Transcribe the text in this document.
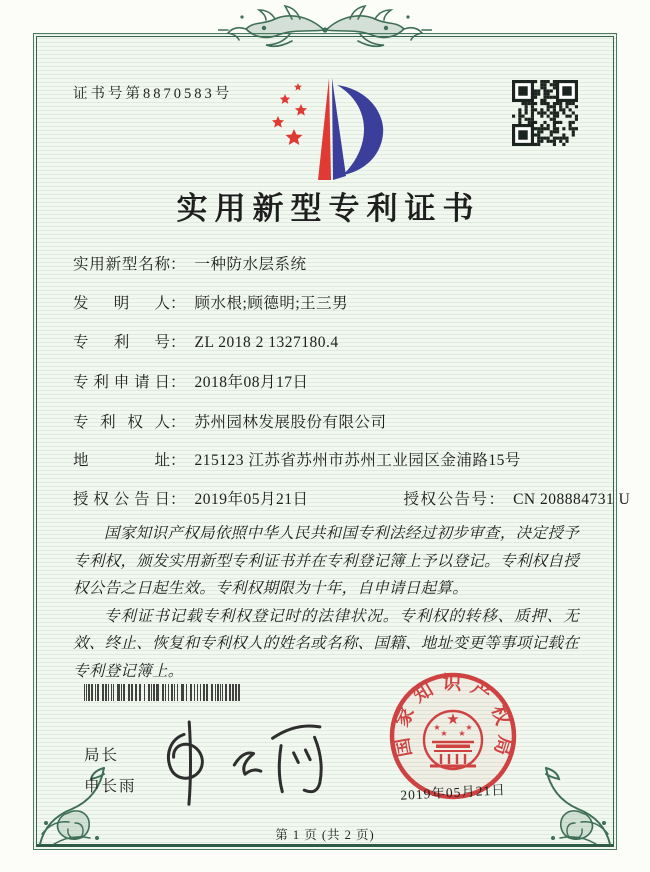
证书号第8870583号
实用新型专利证书
实用新型名称： 一种防水层系统
发明人： 顾水根;顾德明;王三男
专利号： ZL 2018 2 1327180.4
专利申请日： 2018年08月17日
专利权人： 苏州园林发展股份有限公司
地址： 215123 江苏省苏州市苏州工业园区金浦路15号
授权公告日： 2019年05月21日	授权公告号： CN 208884731 U

国家知识产权局依照中华人民共和国专利法经过初步审查，决定授予专利权，颁发实用新型专利证书并在专利登记簿上予以登记。专利权自授权公告之日起生效。专利权期限为十年，自申请日起算。

专利证书记载专利权登记时的法律状况。专利权的转移、质押、无效、终止、恢复和专利权人的姓名或名称、国籍、地址变更等事项记载在专利登记簿上。

局长
申长雨
国家知识产权局
★
★	★
★ ★
2019年05月21日
第 1 页 (共 2 页)
